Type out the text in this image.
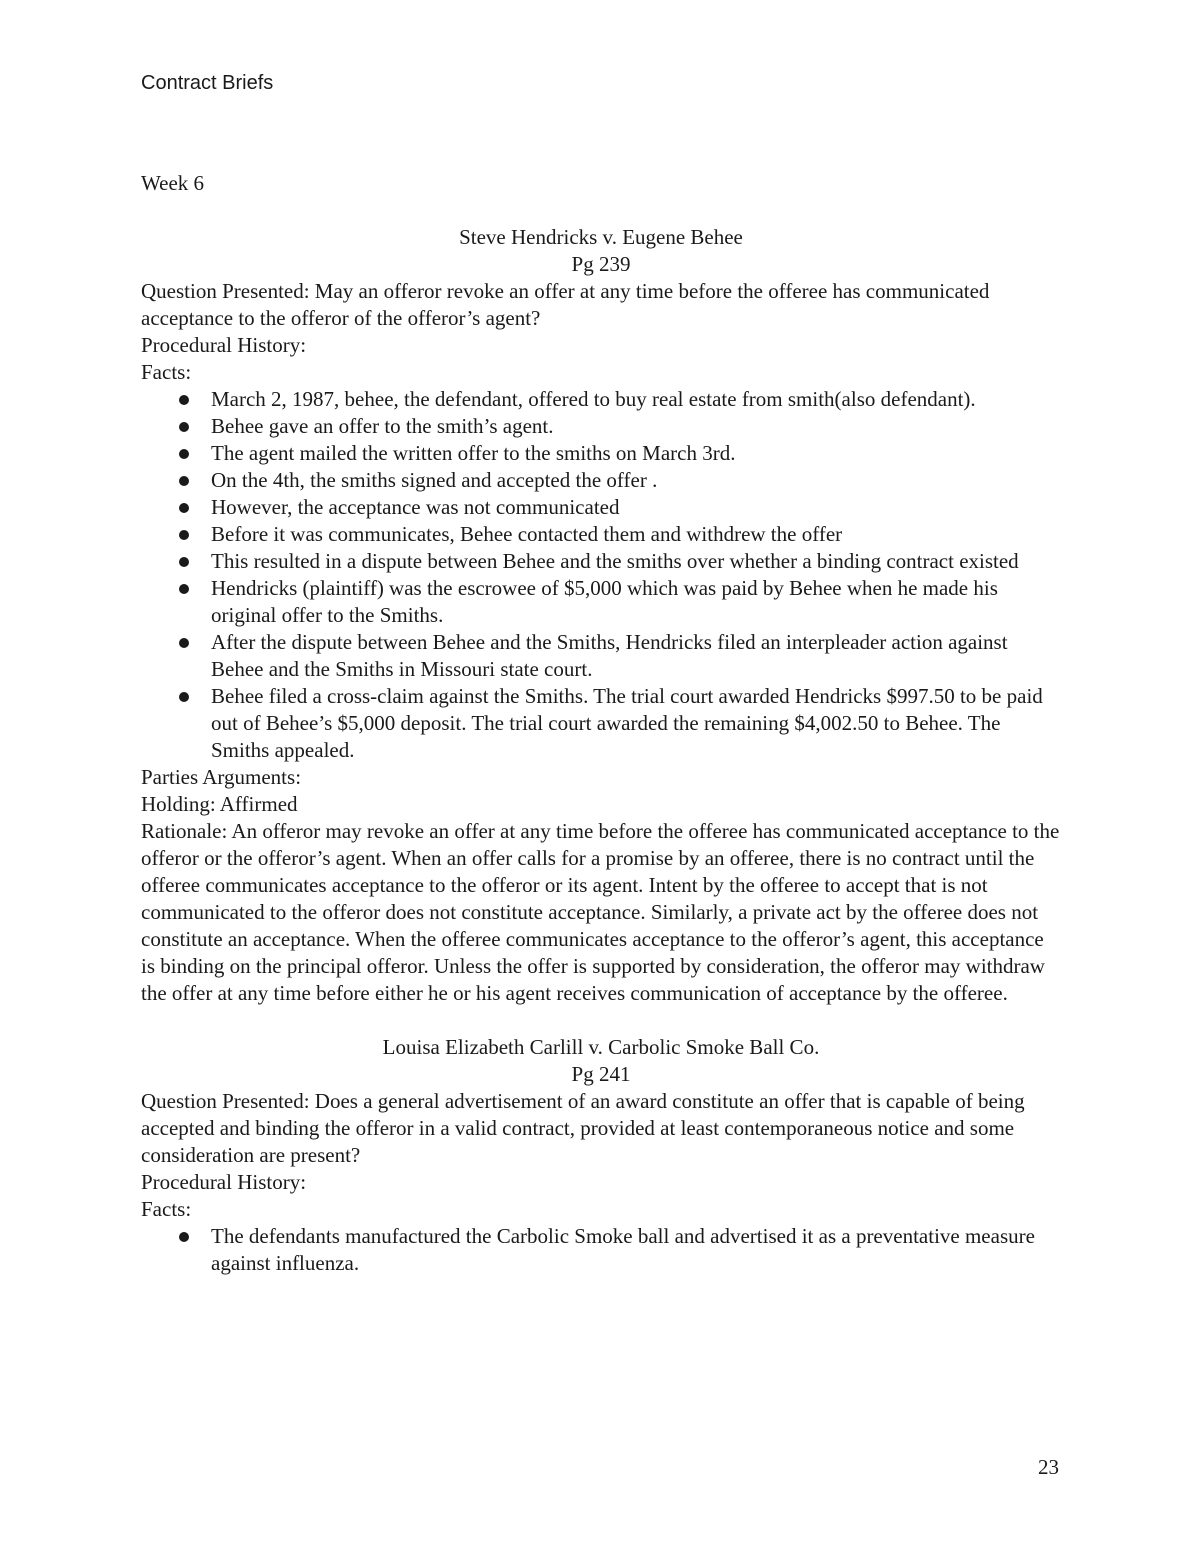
Contract Briefs

Week 6

Steve Hendricks v. Eugene Behee

Pg 239

Question Presented: May an offeror revoke an offer at any time before the offeree has communicated acceptance to the offeror of the offeror’s agent?

Procedural History:

Facts:

March 2, 1987, behee, the defendant, offered to buy real estate from smith(also defendant).
Behee gave an offer to the smith’s agent.
The agent mailed the written offer to the smiths on March 3rd.
On the 4th, the smiths signed and accepted the offer .
However, the acceptance was not communicated
Before it was communicates, Behee contacted them and withdrew the offer
This resulted in a dispute between Behee and the smiths over whether a binding contract existed
Hendricks (plaintiff) was the escrowee of $5,000 which was paid by Behee when he made his original offer to the Smiths.
After the dispute between Behee and the Smiths, Hendricks filed an interpleader action against Behee and the Smiths in Missouri state court.
Behee filed a cross-claim against the Smiths. The trial court awarded Hendricks $997.50 to be paid out of Behee’s $5,000 deposit. The trial court awarded the remaining $4,002.50 to Behee. The Smiths appealed.

Parties Arguments:

Holding: Affirmed

Rationale: An offeror may revoke an offer at any time before the offeree has communicated acceptance to the offeror or the offeror’s agent. When an offer calls for a promise by an offeree, there is no contract until the offeree communicates acceptance to the offeror or its agent. Intent by the offeree to accept that is not communicated to the offeror does not constitute acceptance. Similarly, a private act by the offeree does not constitute an acceptance. When the offeree communicates acceptance to the offeror’s agent, this acceptance is binding on the principal offeror. Unless the offer is supported by consideration, the offeror may withdraw the offer at any time before either he or his agent receives communication of acceptance by the offeree.

Louisa Elizabeth Carlill v. Carbolic Smoke Ball Co.

Pg 241

Question Presented: Does a general advertisement of an award constitute an offer that is capable of being accepted and binding the offeror in a valid contract, provided at least contemporaneous notice and some consideration are present?

Procedural History:

Facts:

The defendants manufactured the Carbolic Smoke ball and advertised it as a preventative measure against influenza.
23
